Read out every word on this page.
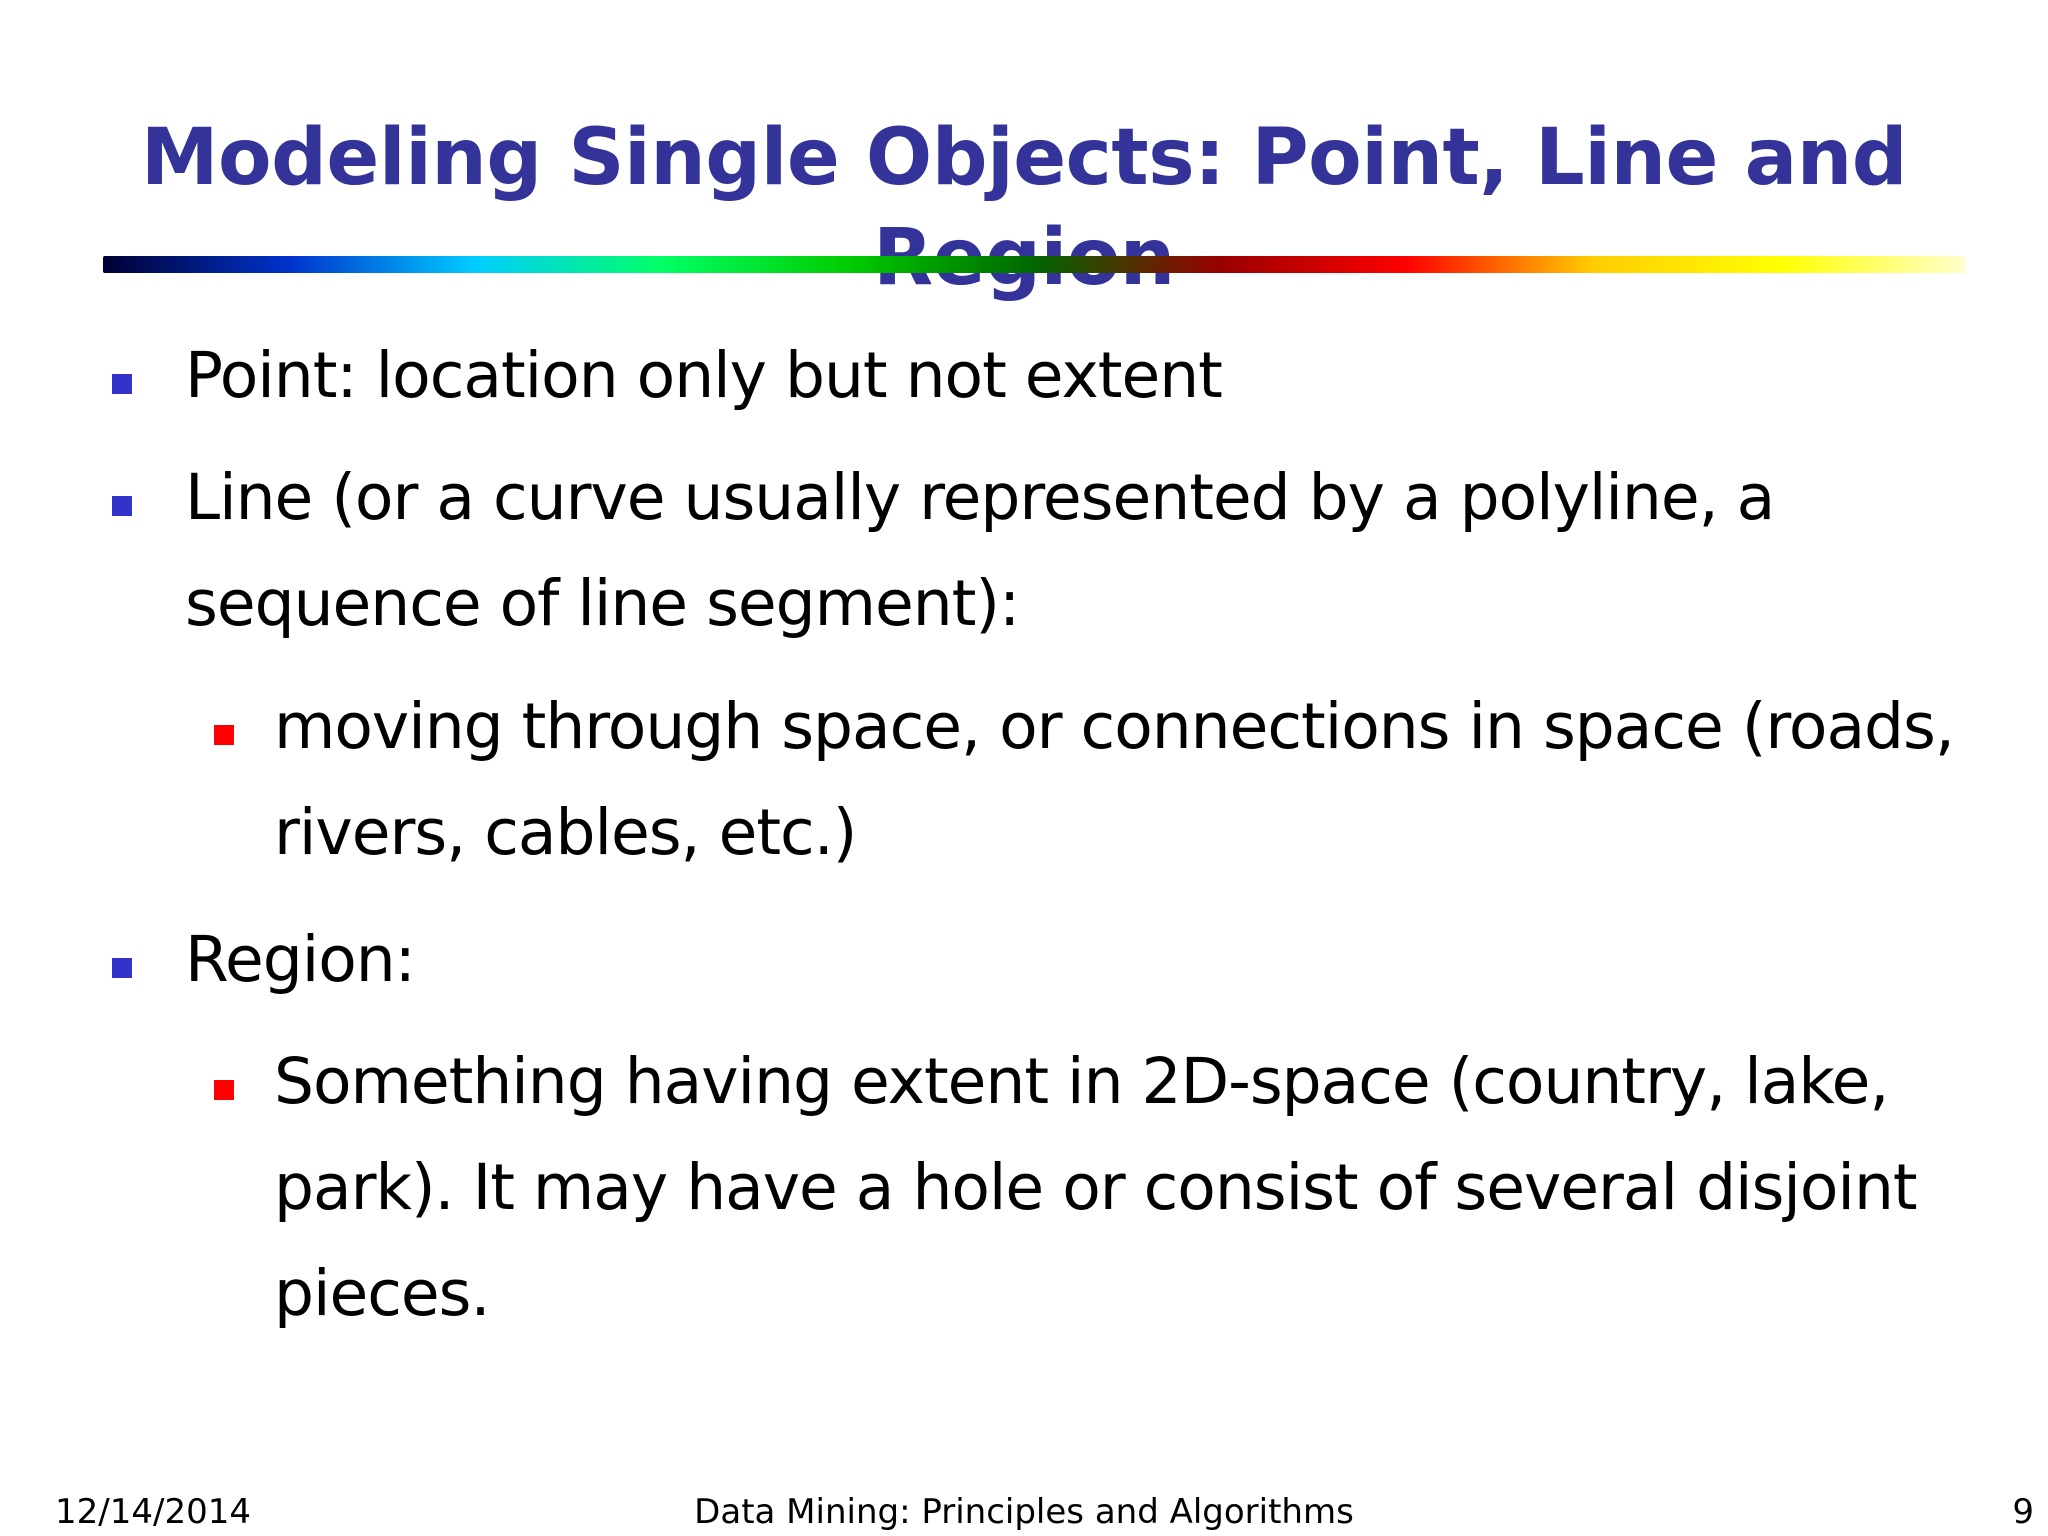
Modeling Single Objects: Point, Line and
Point: location only but not extent
Line (or a curve usually represented by a polyline, a
sequence of line segment):
moving through space, or connections in space (roads,
rivers, cables, etc.)
Region:
Something having extent in 2D-space (country, lake,
park). It may have a hole or consist of several disjoint
pieces.
12/14/2014	Data Mining: Principles and Algorithms	9
